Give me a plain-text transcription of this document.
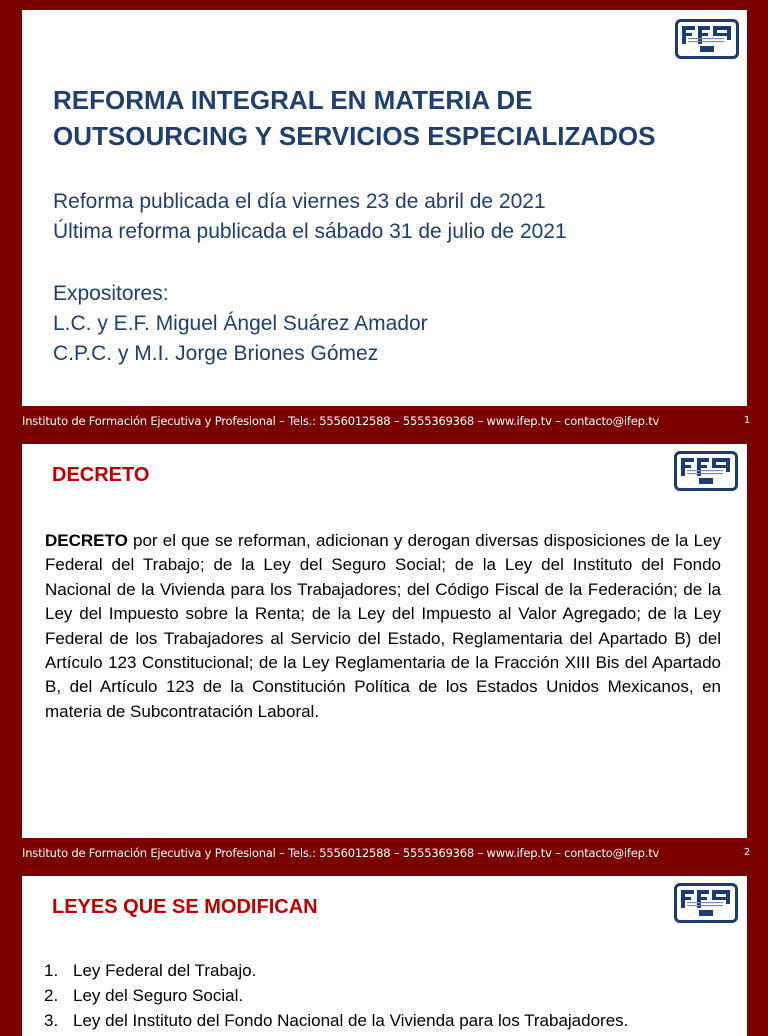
REFORMA INTEGRAL EN MATERIA DE
OUTSOURCING Y SERVICIOS ESPECIALIZADOS
Reforma publicada el día viernes 23 de abril de 2021
Última reforma publicada el sábado 31 de julio de 2021
Expositores:
L.C. y E.F. Miguel Ángel Suárez Amador
C.P.C. y M.I. Jorge Briones Gómez
Instituto de Formación Ejecutiva y Profesional – Tels.: 5556012588 – 5555369368 – www.ifep.tv – contacto@ifep.tv	1
DECRETO

DECRETO por el que se reforman, adicionan y derogan diversas disposiciones de la Ley Federal del Trabajo; de la Ley del Seguro Social; de la Ley del Instituto del Fondo Nacional de la Vivienda para los Trabajadores; del Código Fiscal de la Federación; de la Ley del Impuesto sobre la Renta; de la Ley del Impuesto al Valor Agregado; de la Ley Federal de los Trabajadores al Servicio del Estado, Reglamentaria del Apartado B) del Artículo 123 Constitucional; de la Ley Reglamentaria de la Fracción XIII Bis del Apartado B, del Artículo 123 de la Constitución Política de los Estados Unidos Mexicanos, en materia de Subcontratación Laboral.

Instituto de Formación Ejecutiva y Profesional – Tels.: 5556012588 – 5555369368 – www.ifep.tv – contacto@ifep.tv	2
LEYES QUE SE MODIFICAN
1. Ley Federal del Trabajo.
2. Ley del Seguro Social.
3. Ley del Instituto del Fondo Nacional de la Vivienda para los Trabajadores.
